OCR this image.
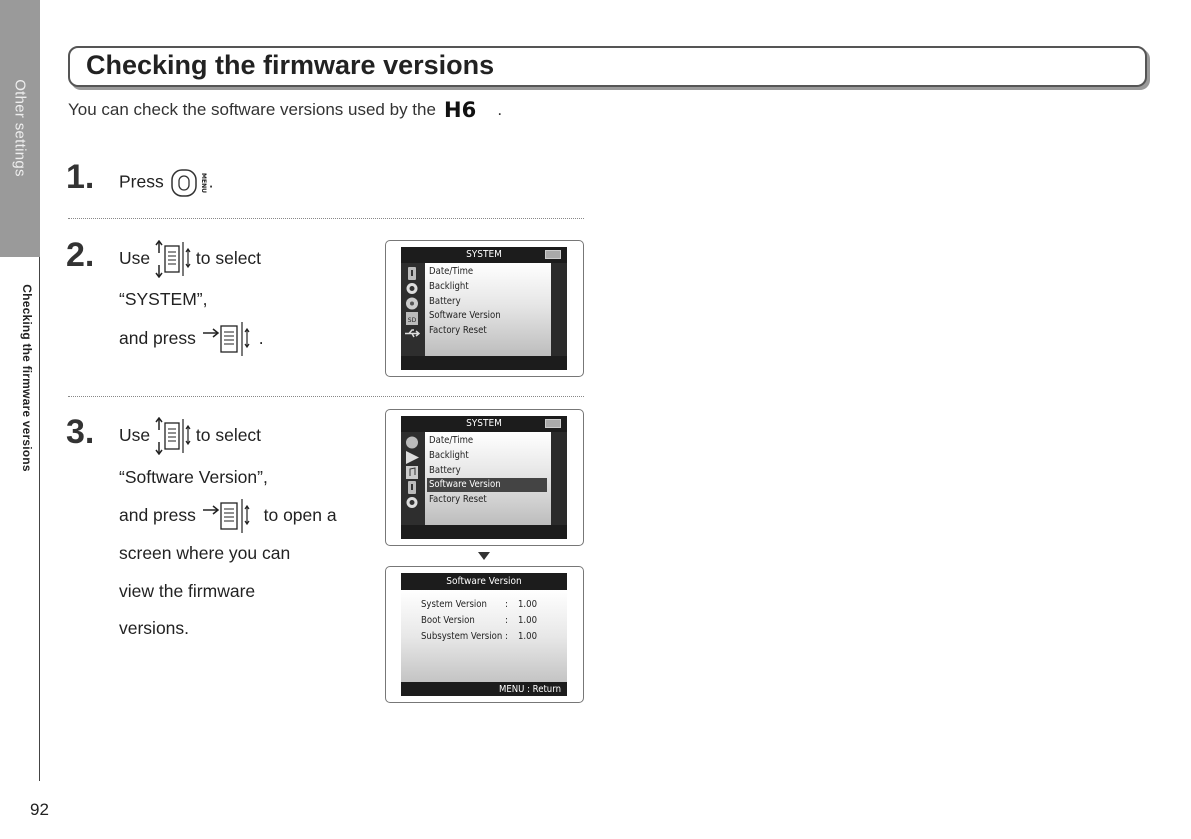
Other settings
Checking the firmware versions
92
Checking the firmware versions
You can check the software versions used by the H6 .
1. Press	MENU .
2. Use	to select
“SYSTEM”,
and press	.
SYSTEM
SD
Date/Time
Backlight
Battery
Software Version
Factory Reset
3. Use	to select
“Software Version”,
and press	to open a
screen where you can
view the firmware
versions.
SYSTEM
Date/Time
Backlight
Battery
Software Version
Factory Reset
Software Version
System Version : 1.00
Boot Version	: 1.00
Subsystem Version : 1.00
MENU : Return
